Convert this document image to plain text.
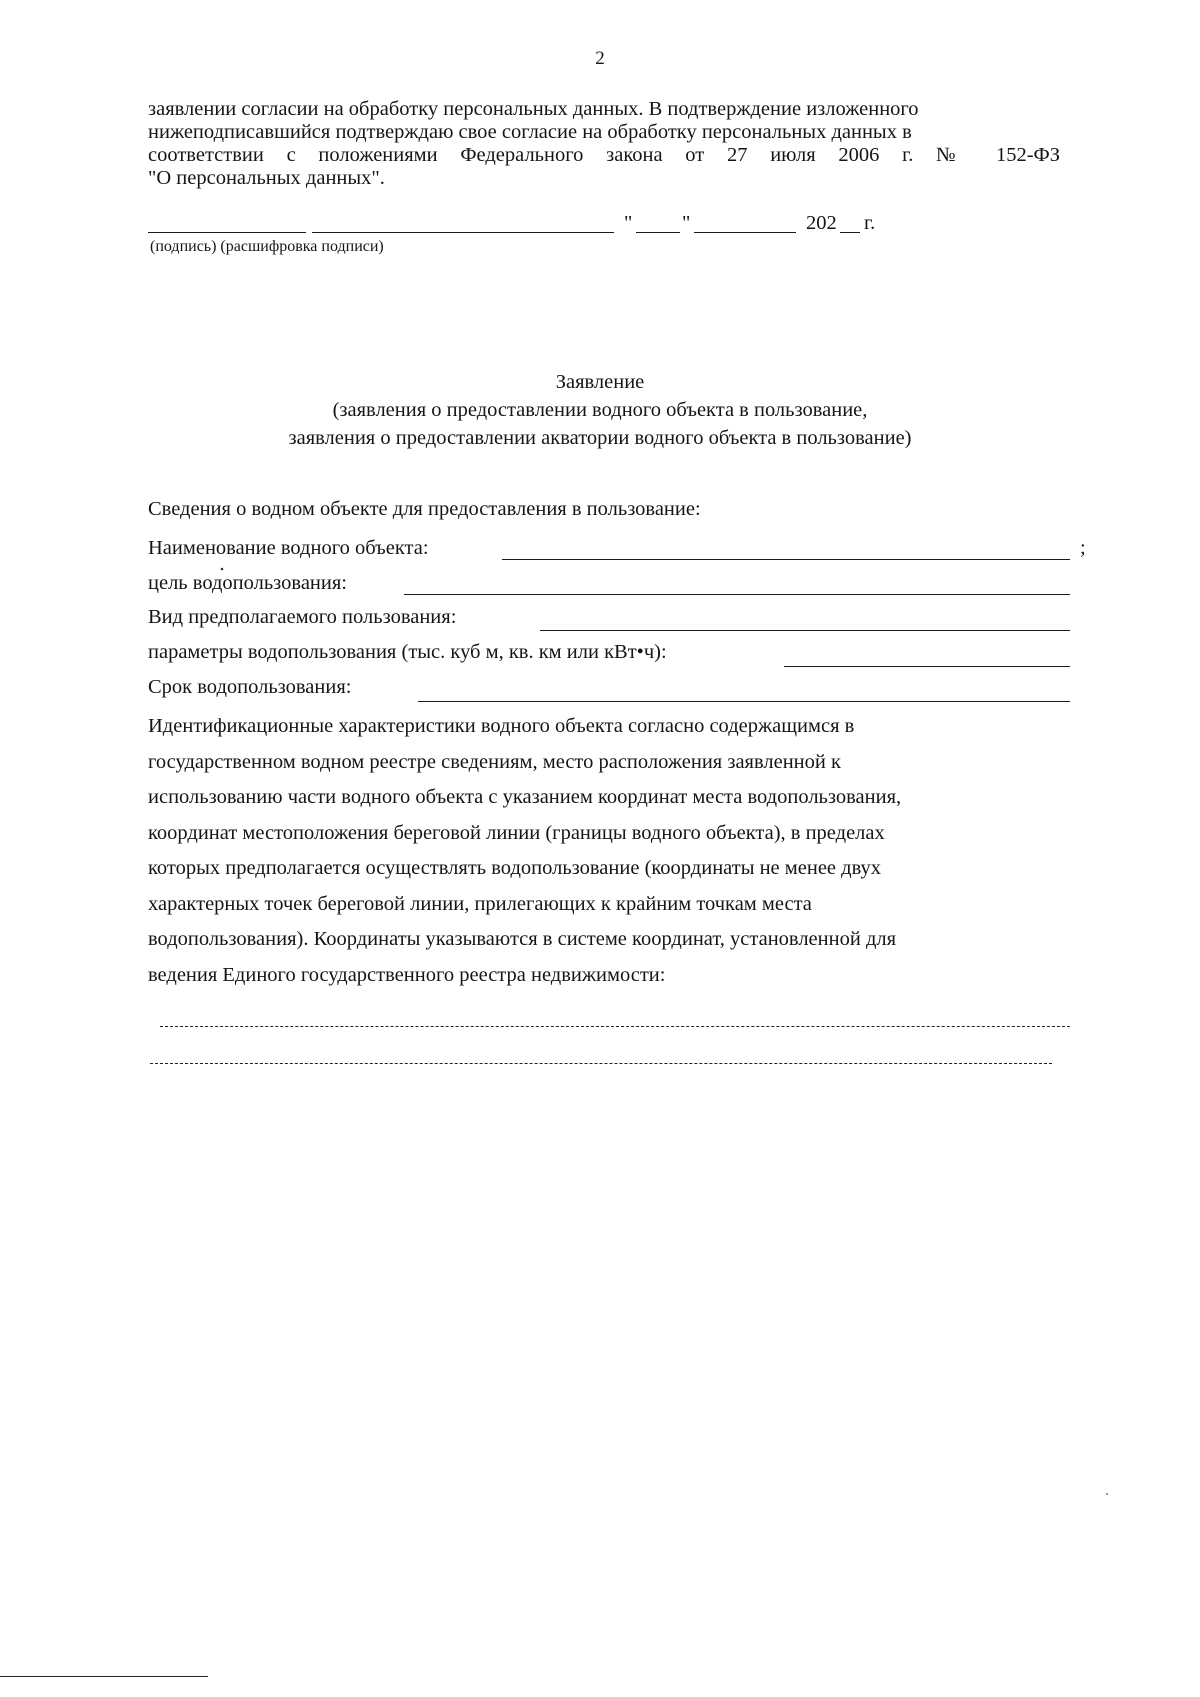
2

заявлении согласии на обработку персональных данных. В подтверждение изложенного

нижеподписавшийся подтверждаю свое согласие на обработку персональных данных в

соответствии с положениями Федерального закона от 27 июля 2006 г. № 152-ФЗ

"О персональных данных".

" "	202 г.
(подпись) (расшифровка подписи)
Заявление
(заявления о предоставлении водного объекта в пользование,
заявления о предоставлении акватории водного объекта в пользование)
Сведения о водном объекте для предоставления в пользование:
Наименование водного объекта:	;
цель водопользования:
Вид предполагаемого пользования:
параметры водопользования (тыс. куб м, кв. км или кВт•ч):
Срок водопользования:
Идентификационные характеристики водного объекта согласно содержащимся в
государственном водном реестре сведениям, место расположения заявленной к
использованию части водного объекта с указанием координат места водопользования,
координат местоположения береговой линии (границы водного объекта), в пределах
которых предполагается осуществлять водопользование (координаты не менее двух
характерных точек береговой линии, прилегающих к крайним точкам места
водопользования). Координаты указываются в системе координат, установленной для
ведения Единого государственного реестра недвижимости:
